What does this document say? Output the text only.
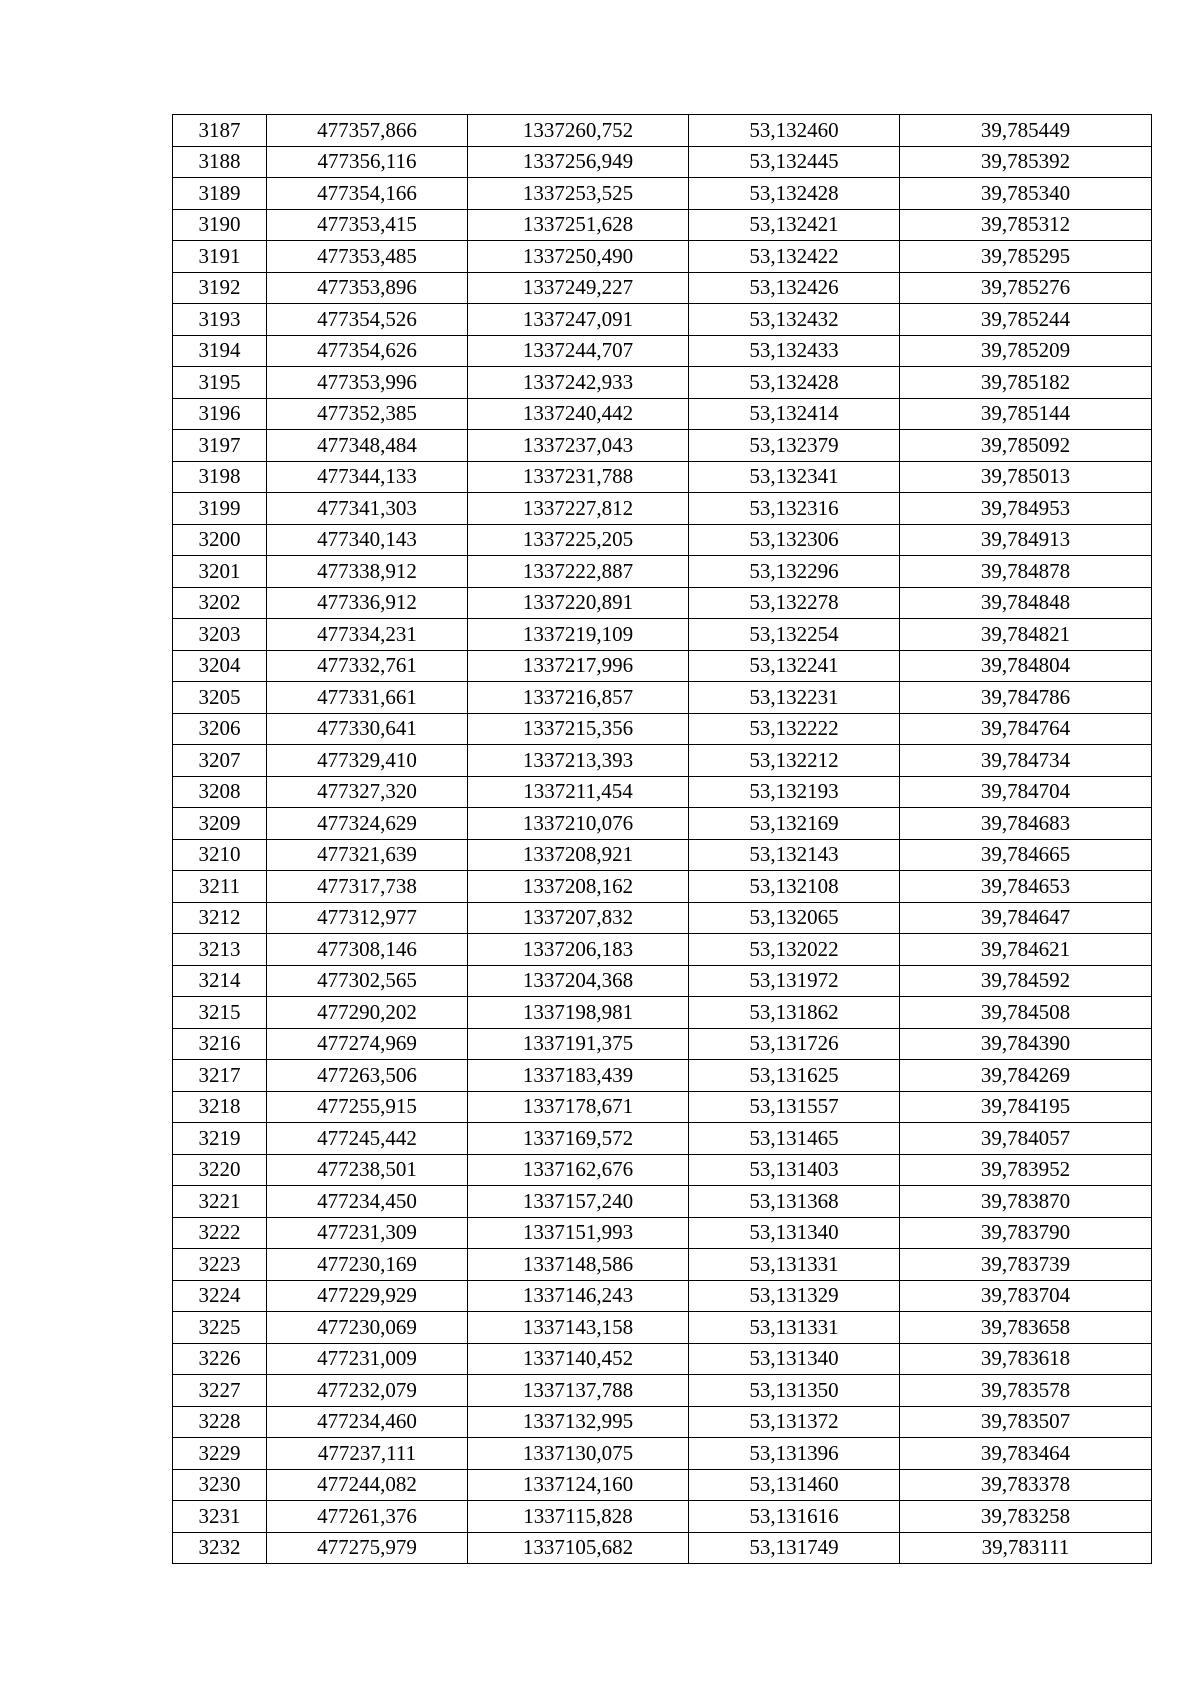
3187	477357,866	1337260,752	53,132460	39,785449
3188	477356,116	1337256,949	53,132445	39,785392
3189	477354,166	1337253,525	53,132428	39,785340
3190	477353,415	1337251,628	53,132421	39,785312
3191	477353,485	1337250,490	53,132422	39,785295
3192	477353,896	1337249,227	53,132426	39,785276
3193	477354,526	1337247,091	53,132432	39,785244
3194	477354,626	1337244,707	53,132433	39,785209
3195	477353,996	1337242,933	53,132428	39,785182
3196	477352,385	1337240,442	53,132414	39,785144
3197	477348,484	1337237,043	53,132379	39,785092
3198	477344,133	1337231,788	53,132341	39,785013
3199	477341,303	1337227,812	53,132316	39,784953
3200	477340,143	1337225,205	53,132306	39,784913
3201	477338,912	1337222,887	53,132296	39,784878
3202	477336,912	1337220,891	53,132278	39,784848
3203	477334,231	1337219,109	53,132254	39,784821
3204	477332,761	1337217,996	53,132241	39,784804
3205	477331,661	1337216,857	53,132231	39,784786
3206	477330,641	1337215,356	53,132222	39,784764
3207	477329,410	1337213,393	53,132212	39,784734
3208	477327,320	1337211,454	53,132193	39,784704
3209	477324,629	1337210,076	53,132169	39,784683
3210	477321,639	1337208,921	53,132143	39,784665
3211	477317,738	1337208,162	53,132108	39,784653
3212	477312,977	1337207,832	53,132065	39,784647
3213	477308,146	1337206,183	53,132022	39,784621
3214	477302,565	1337204,368	53,131972	39,784592
3215	477290,202	1337198,981	53,131862	39,784508
3216	477274,969	1337191,375	53,131726	39,784390
3217	477263,506	1337183,439	53,131625	39,784269
3218	477255,915	1337178,671	53,131557	39,784195
3219	477245,442	1337169,572	53,131465	39,784057
3220	477238,501	1337162,676	53,131403	39,783952
3221	477234,450	1337157,240	53,131368	39,783870
3222	477231,309	1337151,993	53,131340	39,783790
3223	477230,169	1337148,586	53,131331	39,783739
3224	477229,929	1337146,243	53,131329	39,783704
3225	477230,069	1337143,158	53,131331	39,783658
3226	477231,009	1337140,452	53,131340	39,783618
3227	477232,079	1337137,788	53,131350	39,783578
3228	477234,460	1337132,995	53,131372	39,783507
3229	477237,111	1337130,075	53,131396	39,783464
3230	477244,082	1337124,160	53,131460	39,783378
3231	477261,376	1337115,828	53,131616	39,783258
3232	477275,979	1337105,682	53,131749	39,783111
